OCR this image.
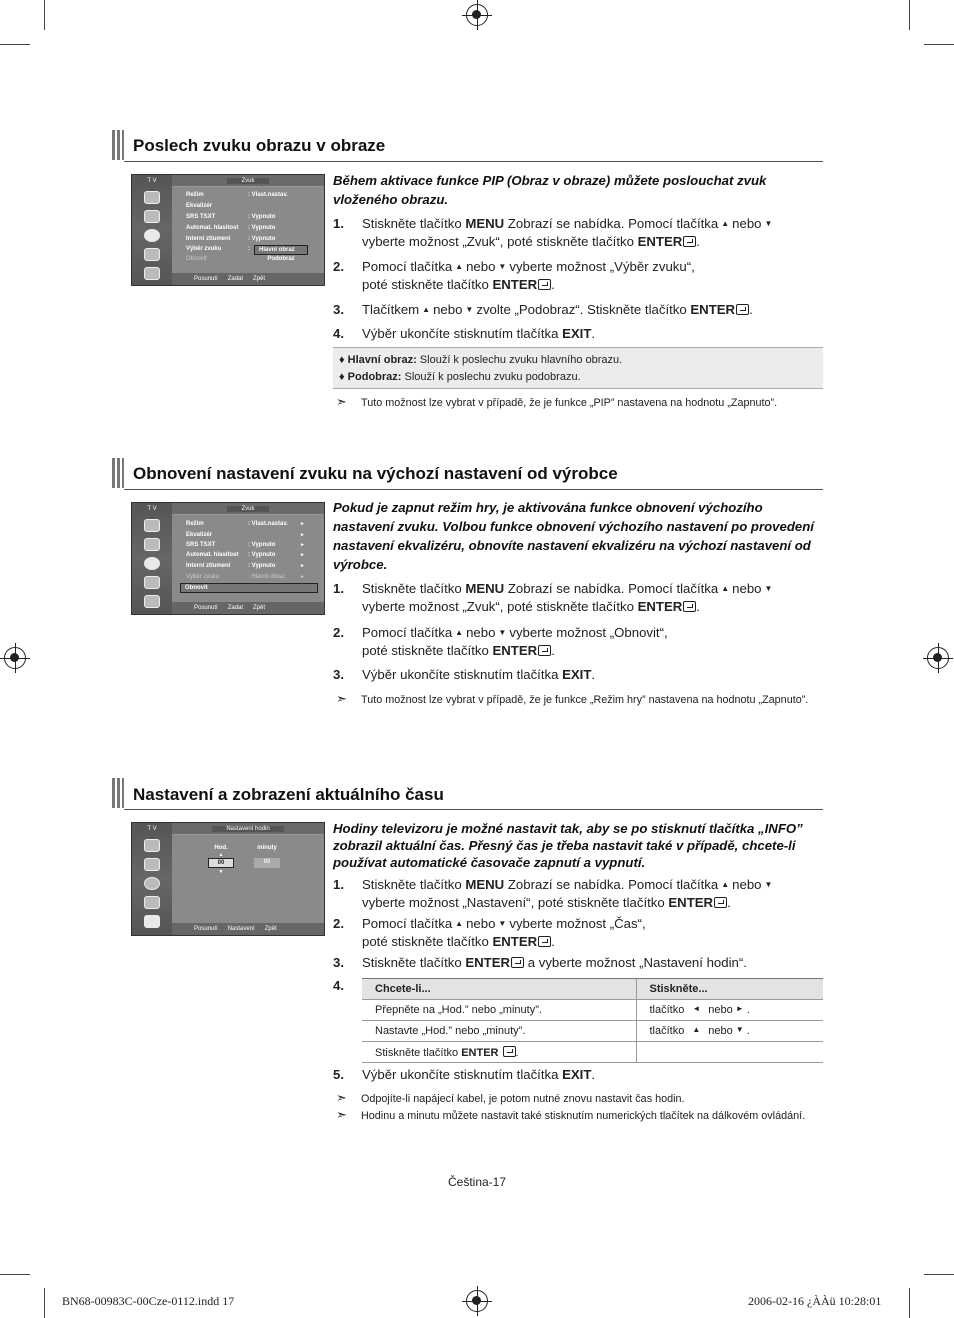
Poslech zvuku obrazu v obraze
T V	Zvuk
Režim	: Vlast.nastav.
Ekvalizér
SRS TSXT	: Vypnuto
Automat. hlasitost : Vypnuto
Interní ztlumení	: Vypnuto
Výběr zvuku	:
Obnovit
Hlavní obraz
Podobraz
Posunutí Zadat Zpět
Během aktivace funkce PIP (Obraz v obraze) můžete poslouchat zvuk vloženého obrazu.
1. Stiskněte tlačítko MENU Zobrazí se nabídka. Pomocí tlačítka ▲ nebo ▼
vyberte možnost „Zvuk“, poté stiskněte tlačítko ENTER .
2. Pomocí tlačítka ▲ nebo ▼ vyberte možnost „Výběr zvuku“,
poté stiskněte tlačítko ENTER .
3. Tlačítkem ▲ nebo ▼ zvolte „Podobraz“. Stiskněte tlačítko ENTER .
4. Výběr ukončíte stisknutím tlačítka EXIT.
♦ Hlavní obraz: Slouží k poslechu zvuku hlavního obrazu.
♦ Podobraz: Slouží k poslechu zvuku podobrazu.
➣ Tuto možnost lze vybrat v případě, že je funkce „PIP” nastavena na hodnotu „Zapnuto”.
Obnovení nastavení zvuku na výchozí nastavení od výrobce
T V	Zvuk
Režim	: Vlast.nastav. ►
Ekvalizér	►
SRS TSXT	: Vypnuto	►
Automat. hlasitost : Vypnuto	►
Interní ztlumení	: Vypnuto	►
Výběr zvuku	: Hlavní obraz	►
Obnovit
Posunutí Zadat Zpět
Pokud je zapnut režim hry, je aktivována funkce obnovení výchozího nastavení zvuku. Volbou funkce obnovení výchozího nastavení po provedení nastavení ekvalizéru, obnovíte nastavení ekvalizéru na výchozí nastavení od výrobce.
1. Stiskněte tlačítko MENU Zobrazí se nabídka. Pomocí tlačítka ▲ nebo ▼
vyberte možnost „Zvuk“, poté stiskněte tlačítko ENTER .
2. Pomocí tlačítka ▲ nebo ▼ vyberte možnost „Obnovit“,
poté stiskněte tlačítko ENTER .
3. Výběr ukončíte stisknutím tlačítka EXIT.
➣ Tuto možnost lze vybrat v případě, že je funkce „Režim hry” nastavena na hodnotu „Zapnuto”.
Nastavení a zobrazení aktuálního času
T V	Nastavení hodin
Hod.	minuty
▲
00	00
▼
Posunutí Nastavení Zpět
Hodiny televizoru je možné nastavit tak, aby se po stisknutí tlačítka „INFO” zobrazil aktuální čas. Přesný čas je třeba nastavit také v případě, chcete-li používat automatické časovače zapnutí a vypnutí.
1. Stiskněte tlačítko MENU Zobrazí se nabídka. Pomocí tlačítka ▲ nebo ▼
vyberte možnost „Nastavení“, poté stiskněte tlačítko ENTER .
2. Pomocí tlačítka ▲ nebo ▼ vyberte možnost „Čas“,
poté stiskněte tlačítko ENTER .
3. Stiskněte tlačítko ENTER a vyberte možnost „Nastavení hodin“.
4.	Chcete-li...	Stiskněte...
Přepněte na „Hod.” nebo „minuty”.	tlačítko ◄ nebo ► .
Nastavte „Hod.” nebo „minuty”.	tlačítko ▲ nebo ▼ .
Stiskněte tlačítko ENTER .	
5. Výběr ukončíte stisknutím tlačítka EXIT.
➣ Odpojíte-li napájecí kabel, je potom nutné znovu nastavit čas hodin.
➣ Hodinu a minutu můžete nastavit také stisknutím numerických tlačítek na dálkovém ovládání.
Čeština-17
BN68-00983C-00Cze-0112.indd 17	2006-02-16 ¿ÀÀü 10:28:01
